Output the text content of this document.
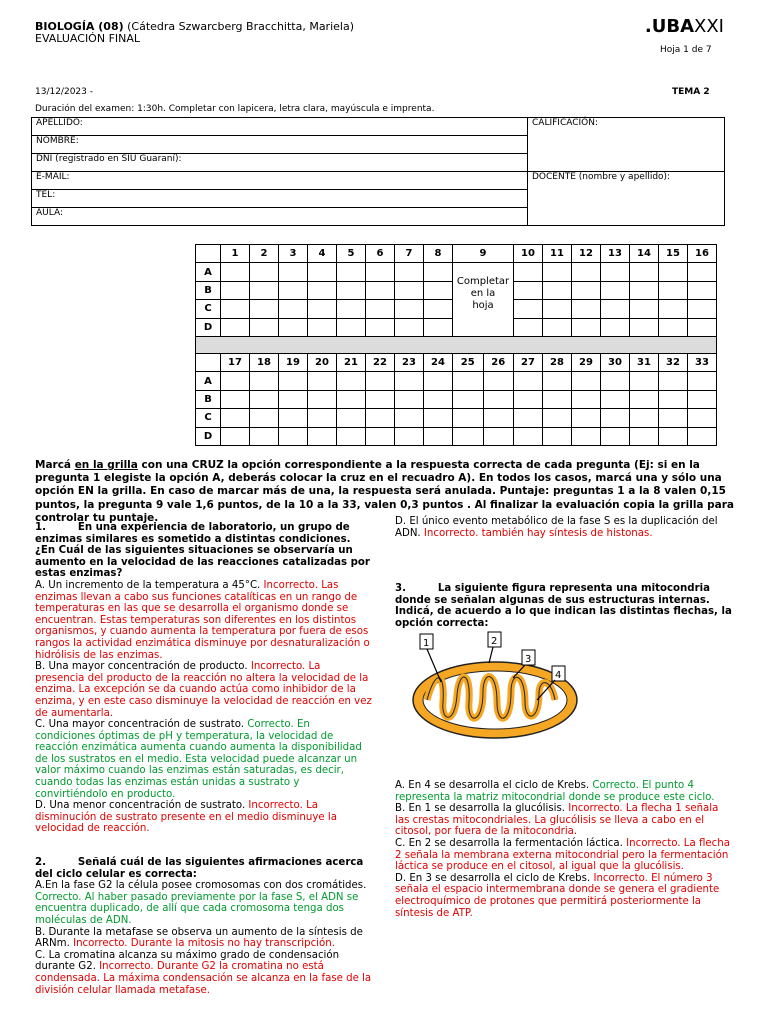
BIOLOGÍA (08) (Cátedra Szwarcberg Bracchitta, Mariela)
EVALUACIÓN FINAL
.UBAXXI
Hoja 1 de 7
13/12/2023 -	TEMA 2
Duración del examen: 1:30h. Completar con lapicera, letra clara, mayúscula e imprenta.
APELLIDO:	CALIFICACIÓN:
NOMBRE:	
DNI (registrado en SIU Guaraní):	
E-MAIL:	DOCENTE (nombre y apellido):
TEL:	
AULA:	
	1	2	3	4	5	6	7	8	9		10	11	12	13	14	15	16
A									Completar
en la
hoja	

B																	
C																	
D																	

	17	18	19	20	21	22	23	24	25	26	27	28	29	30	31	32	33
A																	
B																	
C																	
D																	
Marcá en la grilla con una CRUZ la opción correspondiente a la respuesta correcta de cada pregunta (Ej: si en la pregunta 1 elegiste la opción A, deberás colocar la cruz en el recuadro A). En todos los casos, marcá una y sólo una opción EN la grilla. En caso de marcar más de una, la respuesta será anulada. Puntaje: preguntas 1 a la 8 valen 0,15 puntos, la pregunta 9 vale 1,6 puntos, de la 10 a la 33, valen 0,3 puntos . Al finalizar la evaluación copia la grilla para controlar tu puntaje.

1.	En una experiencia de laboratorio, un grupo de enzimas similares es sometido a distintas condiciones. ¿En Cuál de las siguientes situaciones se observaría un aumento en la velocidad de las reacciones catalizadas por estas enzimas?

A. Un incremento de la temperatura a 45°C. Incorrecto. Las enzimas llevan a cabo sus funciones catalíticas en un rango de temperaturas en las que se desarrolla el organismo donde se encuentran. Estas temperaturas son diferentes en los distintos organismos, y cuando aumenta la temperatura por fuera de esos rangos la actividad enzimática disminuye por desnaturalización o hidrólisis de las enzimas.

B. Una mayor concentración de producto. Incorrecto. La presencia del producto de la reacción no altera la velocidad de la enzima. La excepción se da cuando actúa como inhibidor de la enzima, y en este caso disminuye la velocidad de reacción en vez de aumentarla.

C. Una mayor concentración de sustrato. Correcto. En condiciones óptimas de pH y temperatura, la velocidad de reacción enzimática aumenta cuando aumenta la disponibilidad de los sustratos en el medio. Esta velocidad puede alcanzar un valor máximo cuando las enzimas están saturadas, es decir, cuando todas las enzimas están unidas a sustrato y convirtiéndolo en producto.

D. Una menor concentración de sustrato. Incorrecto. La disminución de sustrato presente en el medio disminuye la velocidad de reacción.

2.	Señalá cuál de las siguientes afirmaciones acerca del ciclo celular es correcta:

A.En la fase G2 la célula posee cromosomas con dos cromátides. Correcto. Al haber pasado previamente por la fase S, el ADN se encuentra duplicado, de allí que cada cromosoma tenga dos moléculas de ADN.

B. Durante la metafase se observa un aumento de la síntesis de ARNm. Incorrecto. Durante la mitosis no hay transcripción.

C. La cromatina alcanza su máximo grado de condensación durante G2. Incorrecto. Durante G2 la cromatina no está condensada. La máxima condensación se alcanza en la fase de la división celular llamada metafase.

D. El único evento metabólico de la fase S es la duplicación del ADN. Incorrecto. también hay síntesis de histonas.

3.	La siguiente figura representa una mitocondria donde se señalan algunas de sus estructuras internas. Indicá, de acuerdo a lo que indican las distintas flechas, la opción correcta:

1	2
3
4

A. En 4 se desarrolla el ciclo de Krebs. Correcto. El punto 4 representa la matriz mitocondrial donde se produce este ciclo.

B. En 1 se desarrolla la glucólisis. Incorrecto. La flecha 1 señala las crestas mitocondriales. La glucólisis se lleva a cabo en el citosol, por fuera de la mitocondria.

C. En 2 se desarrolla la fermentación láctica. Incorrecto. La flecha 2 señala la membrana externa mitocondrial pero la fermentación láctica se produce en el citosol, al igual que la glucólisis.

D. En 3 se desarrolla el ciclo de Krebs. Incorrecto. El número 3 señala el espacio intermembrana donde se genera el gradiente electroquímico de protones que permitirá posteriormente la síntesis de ATP.
